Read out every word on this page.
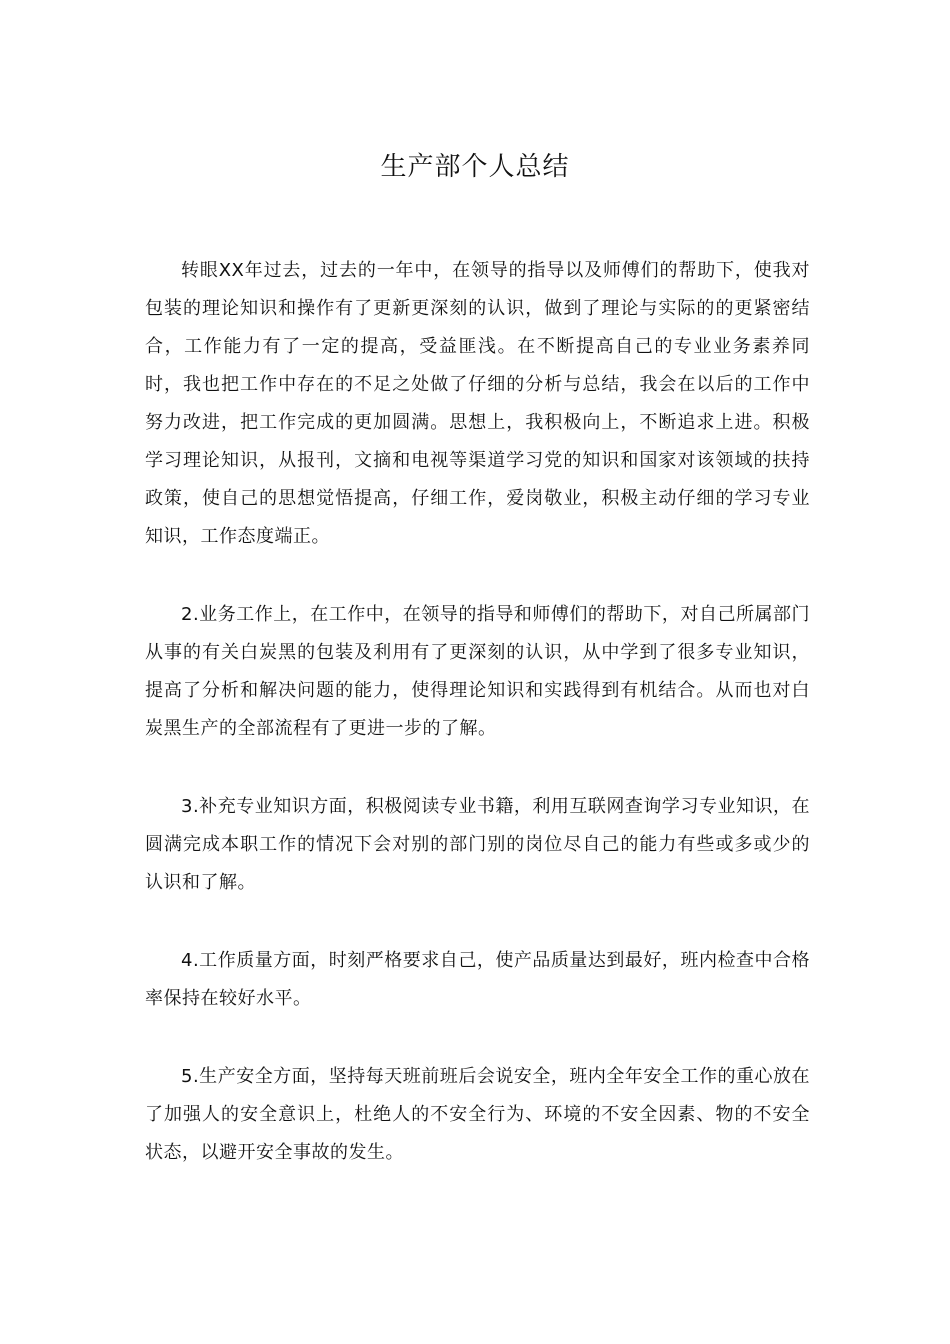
生产部个人总结

转眼XX年过去，过去的一年中，在领导的指导以及师傅们的帮助下，使我对包装的理论知识和操作有了更新更深刻的认识，做到了理论与实际的的更紧密结合，工作能力有了一定的提高，受益匪浅。在不断提高自己的专业业务素养同时，我也把工作中存在的不足之处做了仔细的分析与总结，我会在以后的工作中努力改进，把工作完成的更加圆满。思想上，我积极向上，不断追求上进。积极学习理论知识，从报刊，文摘和电视等渠道学习党的知识和国家对该领域的扶持政策，使自己的思想觉悟提高，仔细工作，爱岗敬业，积极主动仔细的学习专业知识，工作态度端正。

2.业务工作上，在工作中，在领导的指导和师傅们的帮助下，对自己所属部门从事的有关白炭黑的包装及利用有了更深刻的认识，从中学到了很多专业知识，提高了分析和解决问题的能力，使得理论知识和实践得到有机结合。从而也对白炭黑生产的全部流程有了更进一步的了解。

3.补充专业知识方面，积极阅读专业书籍，利用互联网查询学习专业知识，在圆满完成本职工作的情况下会对别的部门别的岗位尽自己的能力有些或多或少的认识和了解。

4.工作质量方面，时刻严格要求自己，使产品质量达到最好，班内检查中合格率保持在较好水平。

5.生产安全方面，坚持每天班前班后会说安全，班内全年安全工作的重心放在了加强人的安全意识上，杜绝人的不安全行为、环境的不安全因素、物的不安全状态，以避开安全事故的发生。
